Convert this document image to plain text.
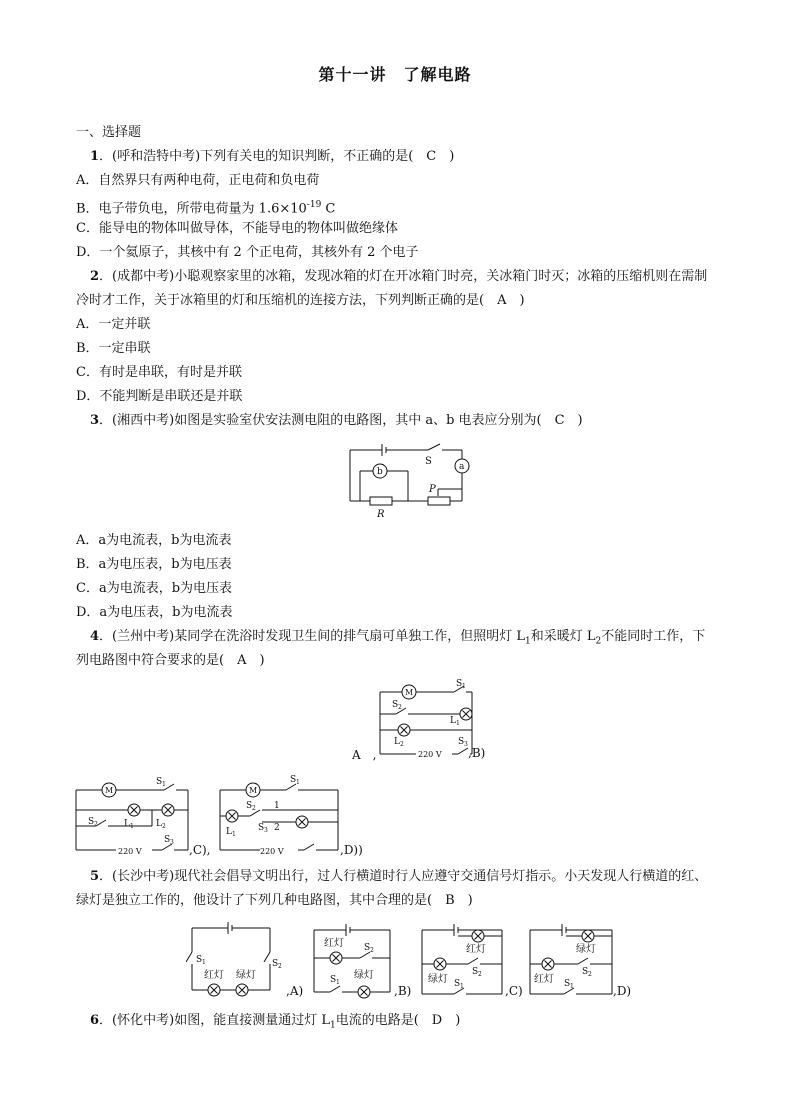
第十一讲　了解电路
一、选择题
1．(呼和浩特中考)下列有关电的知识判断，不正确的是(　C　)
A．自然界只有两种电荷，正电荷和负电荷
B．电子带负电，所带电荷量为 $1.6\times 10^{-19}$ C
C．能导电的物体叫做导体，不能导电的物体叫做绝缘体
D．一个氦原子，其核中有 2 个正电荷，其核外有 2 个电子
2．(成都中考)小聪观察家里的冰箱，发现冰箱的灯在开冰箱门时亮，关冰箱门时灭；冰箱的压缩机则在需制
冷时才工作，关于冰箱里的灯和压缩机的连接方法，下列判断正确的是(　A　)
A．一定并联
B．一定串联
C．有时是串联，有时是并联
D．不能判断是串联还是并联
3．(湘西中考)如图是实验室伏安法测电阻的电路图，其中 a、b 电表应分别为(　C　)
a
b
S
P
R
A．a为电流表，b为电流表
B．a为电压表，b为电压表
C．a为电流表，b为电压表
D．a为电压表，b为电流表
4．(兰州中考)某同学在洗浴时发现卫生间的排气扇可单独工作，但照明灯 $L_1$和采暖灯 $L_2$不能同时工作，下
列电路图中符合要求的是(　A　)
A　,
M
S 1
S 2
L 1
L 2	S 3
220 V ,B)
M
S 1
S 2	L 1 L 2
S 3
220 V	,C),
M
S 1
S 2 1
2
S 3
L 1
220 V	,D))
5．(长沙中考)现代社会倡导文明出行，过人行横道时行人应遵守交通信号灯指示。小天发现人行横道的红、
绿灯是独立工作的，他设计了下列几种电路图，其中合理的是(　B　)
S 1	S 2
红灯 绿灯
,A)
红灯 S 2
S 1
绿灯
,B)
红灯
S 2
绿灯 S 1	,C)
绿灯
S 2
红灯 S 1	,D)
6．(怀化中考)如图，能直接测量通过灯 $L_1$电流的电路是(　D　)
